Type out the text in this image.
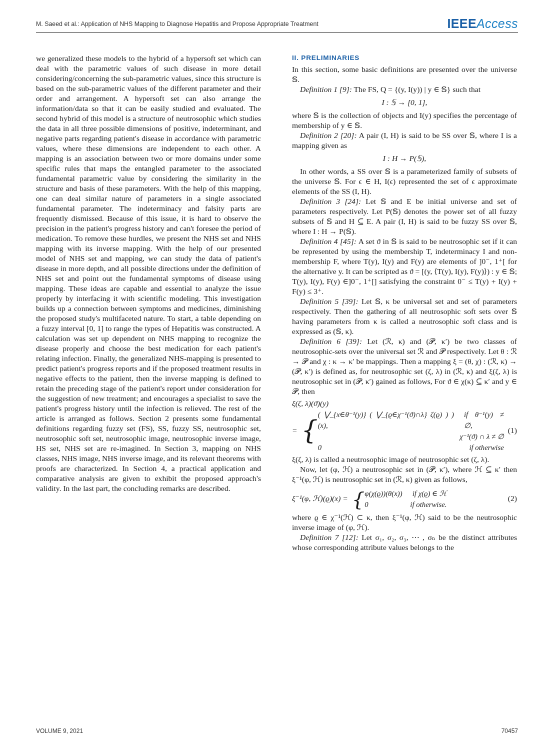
M. Saeed et al.: Application of NHS Mapping to Diagnose Hepatitis and Propose Appropriate Treatment	IEEEAccess

we generalized these models to the hybrid of a hypersoft set which can deal with the parametric values of such disease in more detail considering/concerning the sub-parametric values, since this structure is based on the sub-parametric values of the different parameter and their order and arrangement. A hypersoft set can also arrange the information/data so that it can be easily studied and evaluated. The second hybrid of this model is a structure of neutrosophic which studies the data in all three possible dimensions of positive, indeterminant, and negative parts regarding patient's disease in accordance with parametric values, where these dimensions are independent to each other. A mapping is an association between two or more domains under some specific rules that maps the entangled parameter to the associated fundamental parametric value by considering the similarity in the structure and basis of these parameters. With the help of this mapping, one can deal similar nature of parameters in a single associated fundamental parameter. The indeterminacy and falsity parts are frequently dismissed. Because of this issue, it is hard to observe the precision in the patient's progress history and can't foresee the period of medication. To remove these hurdles, we present the NHS set and NHS mapping with its inverse mapping. With the help of our presented model of NHS set and mapping, we can study the data of patient's disease in more depth, and all possible directions under the definition of NHS set and point out the fundamental symptoms of disease using mapping. These ideas are capable and essential to analyze the issue properly by interfacing it with scientific modeling. This investigation builds up a connection between symptoms and medicines, diminishing the proposed study's multifaceted nature. To start, a table depending on a fuzzy interval [0, 1] to range the types of Hepatitis was constructed. A calculation was set up dependent on NHS mapping to recognize the disease properly and choose the best medication for each patient's relating infection. Finally, the generalized NHS-mapping is presented to predict patient's progress reports and if the proposed treatment results in negative effects to the patient, then the inverse mapping is defined to retain the preceding stage of the patient's report under consideration for the suggestion of new treatment; and encourages a specialist to save the patient's progress history until the infection is relieved. The rest of the article is arranged as follows. Section 2 presents some fundamental definitions regarding fuzzy set (FS), SS, fuzzy SS, neutrosophic set, neutrosophic soft set, neutrosophic image, neutrosophic inverse image, HS set, NHS set are re-imagined. In Section 3, mapping on NHS classes, NHS image, NHS inverse image, and its relevant theorems with proofs are characterized. In Section 4, a practical application and comparative analysis are given to exhibit the proposed approach's validity. In the last part, the concluding remarks are described.

II. PRELIMINARIES

In this section, some basic definitions are presented over the universe 𝕊.

Definition 1 [9]: The FS, Q = {(y, I(y)) | y ∈ 𝕊} such that

I : 𝕊 → [0, 1],

where 𝕊 is the collection of objects and I(y) specifies the percentage of membership of y ∈ 𝕊.

Definition 2 [20]: A pair (I, H) is said to be SS over 𝕊, where I is a mapping given as

I : H → P(𝕊),

In other words, a SS over 𝕊 is a parameterized family of subsets of the universe 𝕊. For ϵ ∈ H, I(ϵ) represented the set of ϵ approximate elements of the SS (I, H).

Definition 3 [24]: Let 𝕊 and E be initial universe and set of parameters respectively. Let P(𝕊) denotes the power set of all fuzzy subsets of 𝕊 and H ⊆ E. A pair (I, H) is said to be fuzzy SS over 𝕊, where I : H → P(𝕊).

Definition 4 [45]: A set ϑ in 𝕊 is said to be neutrosophic set if it can be represented by using the membership T, indeterminacy I and non-membership F, where T(y), I(y) and F(y) are elements of ]0⁻, 1⁺[ for the alternative y. It can be scripted as ϑ = [(y, ⟨T(y), I(y), F(y)⟩) : y ∈ 𝕊; T(y), I(y), F(y) ∈]0⁻, 1⁺[] satisfying the constraint 0⁻ ≤ T(y) + I(y) + F(y) ≤ 3⁺.

Definition 5 [39]: Let 𝕊, κ be universal set and set of parameters respectively. Then the gathering of all neutrosophic soft sets over 𝕊 having parameters from κ is called a neutrosophic soft class and is expressed as (𝕊, κ).

Definition 6 [39]: Let (ℛ, κ) and (𝒫, κ′) be two classes of neutrosophic-sets over the universal set ℛ and 𝒫 respectively. Let θ : ℛ → 𝒫 and χ : κ → κ′ be mappings. Then a mapping ξ = (θ, χ) : (ℛ, κ) → (𝒫, κ′) is defined as, for neutrosophic set (ζ, λ) in (ℛ, κ) and ξ(ζ, λ) is neutrosophic set in (𝒫, κ′) gained as follows, For ϑ ∈ χ(κ) ⊆ κ′ and y ∈ 𝒫, then

ξ(ζ, λ)(ϑ)(y)
= {
( ⋁_{x∈θ⁻¹(y)} ( ⋁_{ϱ∈χ⁻¹(ϑ)∩λ} ζ(ϱ) ) )(x),
if θ⁻¹(y) ≠ ∅,
χ⁻¹(ϑ) ∩ λ ≠ ∅
0	if otherwise
(1)

ξ(ζ, λ) is called a neutrosophic image of neutrosophic set (ζ, λ).

Now, let (φ, ℋ) a neutrosophic set in (𝒫, κ′), where ℋ ⊆ κ′ then ξ⁻¹(φ, ℋ) is neutrosophic set in (ℛ, κ) given as follows,

ξ⁻¹(φ, ℋ)(ϱ)(x) = { φ(χ(ϱ))(θ(x)) if χ(ϱ) ∈ ℋ
0	if otherwise.
(2)

where ϱ ∈ χ⁻¹(ℋ) ⊂ κ, then ξ⁻¹(φ, ℋ) said to be the neutrosophic inverse image of (φ, ℋ).

Definition 7 [12]: Let σ₁, σ₂, σ₃, ⋯ , σₙ be the distinct attributes whose corresponding attribute values belongs to the

VOLUME 9, 2021	70457
